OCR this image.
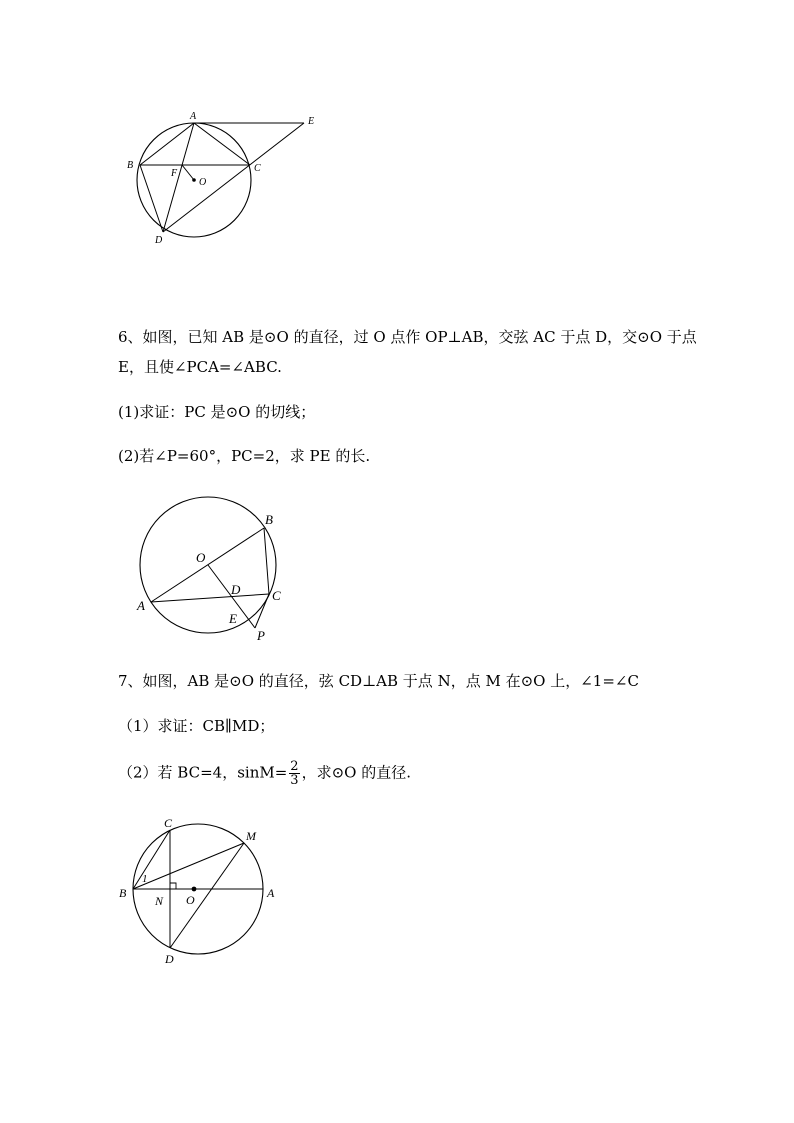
A	E
B	C
F
O
D
6、如图，已知 AB 是⊙O 的直径，过 O 点作 OP⊥AB，交弦 AC 于点 D，交⊙O 于点
E，且使∠PCA=∠ABC.
(1)求证：PC 是⊙O 的切线；
(2)若∠P=60°，PC=2，求 PE 的长.
O
B
A
D C
E
P
7、如图，AB 是⊙O 的直径，弦 CD⊥AB 于点 N，点 M 在⊙O 上，∠1=∠C
（1）求证：CB∥MD；
（2）若 BC=4，$\sin M= \frac{2}{3}$ ，求⊙O 的直径.
C
M
B
1
N O	A
D
